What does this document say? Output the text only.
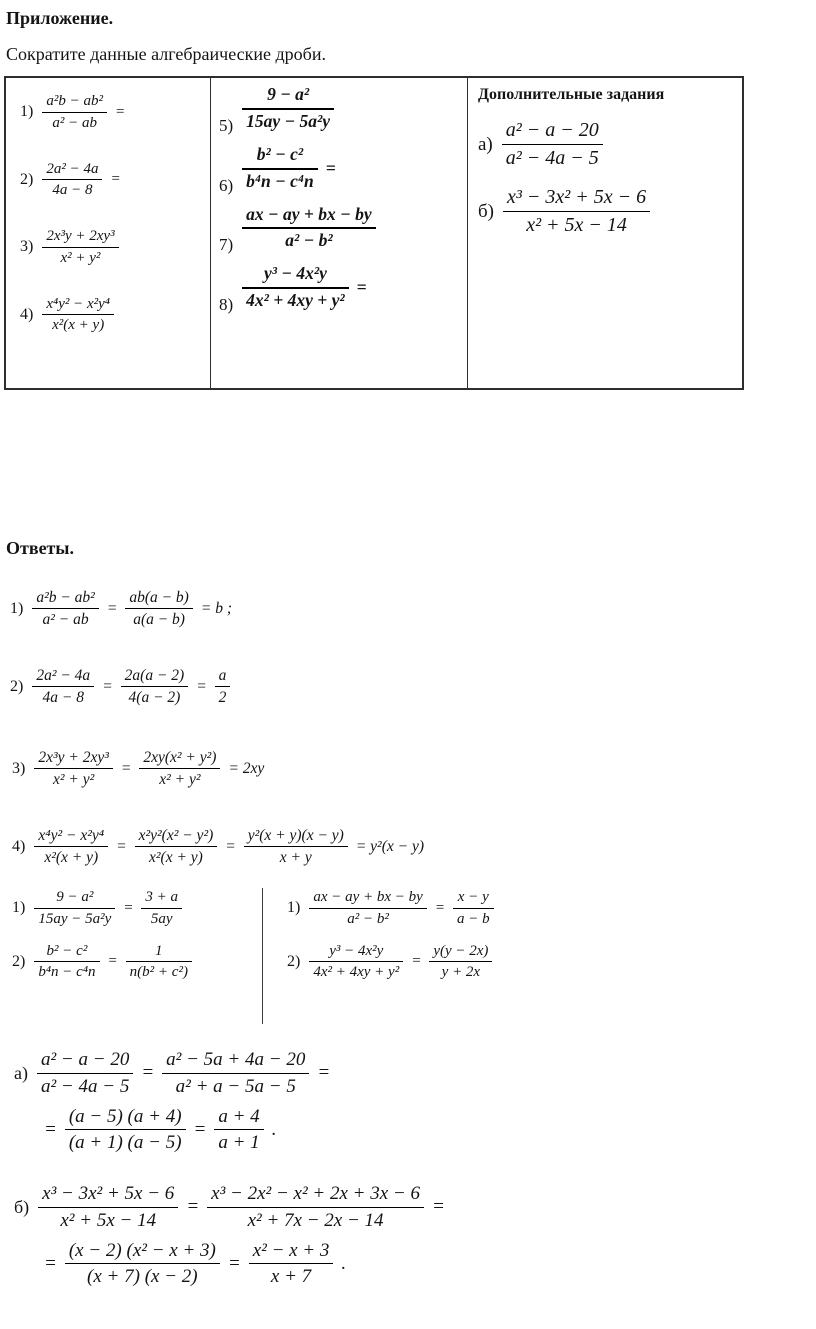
Приложение.
Сократите данные алгебраические дроби.
$1) \frac{\text{a²b − ab²}}{\text{a² − ab}}$ =
$2) \frac{\text{2a² − 4a}}{4a - 8}$ =
$3) \frac{\text{2x³y + 2xy³}}{\text{x² + y²}}$
$4) \frac{\text{x⁴y² − x²y⁴}}{\text{x²(x + y)}}$
$5) \frac{\text{9 − a²}}{\text{15ay − 5a²y}}$
$6) \frac{\text{b² − c²}}{\text{b⁴n − c⁴n}}$ =
$7) \frac{ax - ay + bx - by}{\text{a² − b²}}$
$8) \frac{\text{y³ − 4x²y}}{\text{4x² + 4xy + y²}}$ =
Дополнительные задания
$а) \frac{\text{a² − a − 20}}{\text{a² − 4a − 5}}$
$б) \frac{\text{x³ − 3x² + 5x − 6}}{\text{x² + 5x − 14}}$
Ответы.
$1) \frac{\text{a²b − ab²}}{\text{a² − ab}} = \frac{ab(a - b)}{a(a - b)} = b$ ;
$2) \frac{\text{2a² − 4a}}{4a - 8} = \frac{2a(a - 2)}{4(a - 2)} = \frac{a}{2}$
$3) \frac{\text{2x³y + 2xy³}}{\text{x² + y²}} = \frac{\text{2xy(x² + y²)}}{\text{x² + y²}} = 2xy$
$4) \frac{\text{x⁴y² − x²y⁴}}{\text{x²(x + y)}} = \frac{\text{x²y²(x² − y²)}}{\text{x²(x + y)}} = \frac{\text{y²(x + y)(x − y)}}{x + y} = y^2(x - y)$
$1) \frac{\text{9 − a²}}{\text{15ay − 5a²y}} = \frac{3 + a}{5ay}$
$2) \frac{\text{b² − c²}}{\text{b⁴n − c⁴n}} = \frac{1}{\text{n(b² + c²)}}$
$1) \frac{ax - ay + bx - by}{\text{a² − b²}} = \frac{x - y}{a - b}$
$2) \frac{\text{y³ − 4x²y}}{\text{4x² + 4xy + y²}} = \frac{y(y - 2x)}{y + 2x}$
$а) \frac{\text{a² − a − 20}}{\text{a² − 4a − 5}} = \frac{\text{a² − 5a + 4a − 20}}{\text{a² + a − 5a − 5}}$ =
= $\frac{(a - 5) (a + 4)}{(a + 1) (a - 5)} = \frac{a + 4}{a + 1}$ .
$б) \frac{\text{x³ − 3x² + 5x − 6}}{\text{x² + 5x − 14}} = \frac{\text{x³ − 2x² − x² + 2x + 3x − 6}}{\text{x² + 7x − 2x − 14}}$ =
= $\frac{\text{(x − 2) (x² − x + 3)}}{(x + 7) (x - 2)} = \frac{\text{x² − x + 3}}{x + 7}$ .
